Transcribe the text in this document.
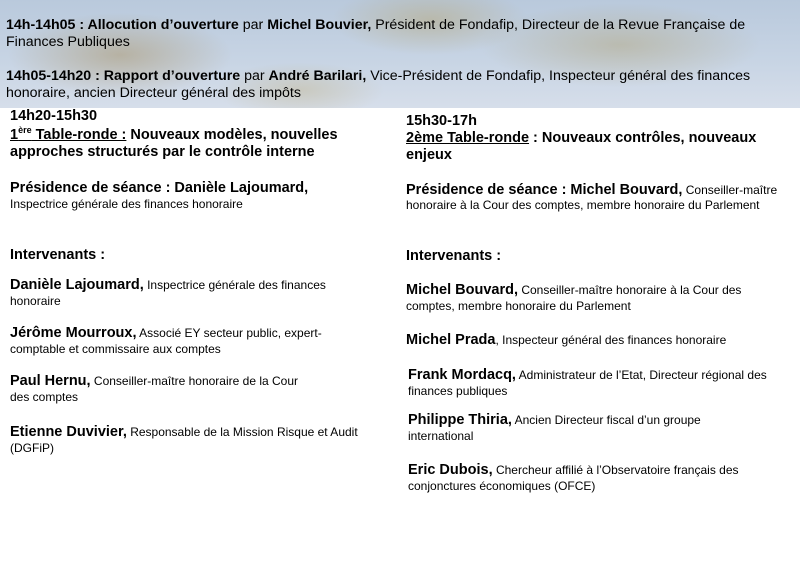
14h-14h05 : Allocution d’ouverture par Michel Bouvier, Président de Fondafip, Directeur de la Revue Française de Finances Publiques
14h05-14h20 : Rapport d’ouverture par André Barilari, Vice-Président de Fondafip, Inspecteur général des finances honoraire, ancien Directeur général des impôts
14h20-15h30
1ère Table-ronde : Nouveaux modèles, nouvelles approches structurés par le contrôle interne
Présidence de séance : Danièle Lajoumard,
Inspectrice générale des finances honoraire
Intervenants :
Danièle Lajoumard, Inspectrice générale des finances honoraire
Jérôme Mourroux, Associé EY secteur public, expert-comptable et commissaire aux comptes
Paul Hernu, Conseiller-maître honoraire de la Cour des comptes
Etienne Duvivier, Responsable de la Mission Risque et Audit (DGFiP)
15h30-17h
2ème Table-ronde : Nouveaux contrôles, nouveaux enjeux
Présidence de séance : Michel Bouvard, Conseiller-maître honoraire à la Cour des comptes, membre honoraire du Parlement
Intervenants :
Michel Bouvard, Conseiller-maître honoraire à la Cour des comptes, membre honoraire du Parlement
Michel Prada, Inspecteur général des finances honoraire
Frank Mordacq, Administrateur de l’Etat, Directeur régional des finances publiques
Philippe Thiria, Ancien Directeur fiscal d’un groupe international
Eric Dubois, Chercheur affilié à l’Observatoire français des conjonctures économiques (OFCE)
